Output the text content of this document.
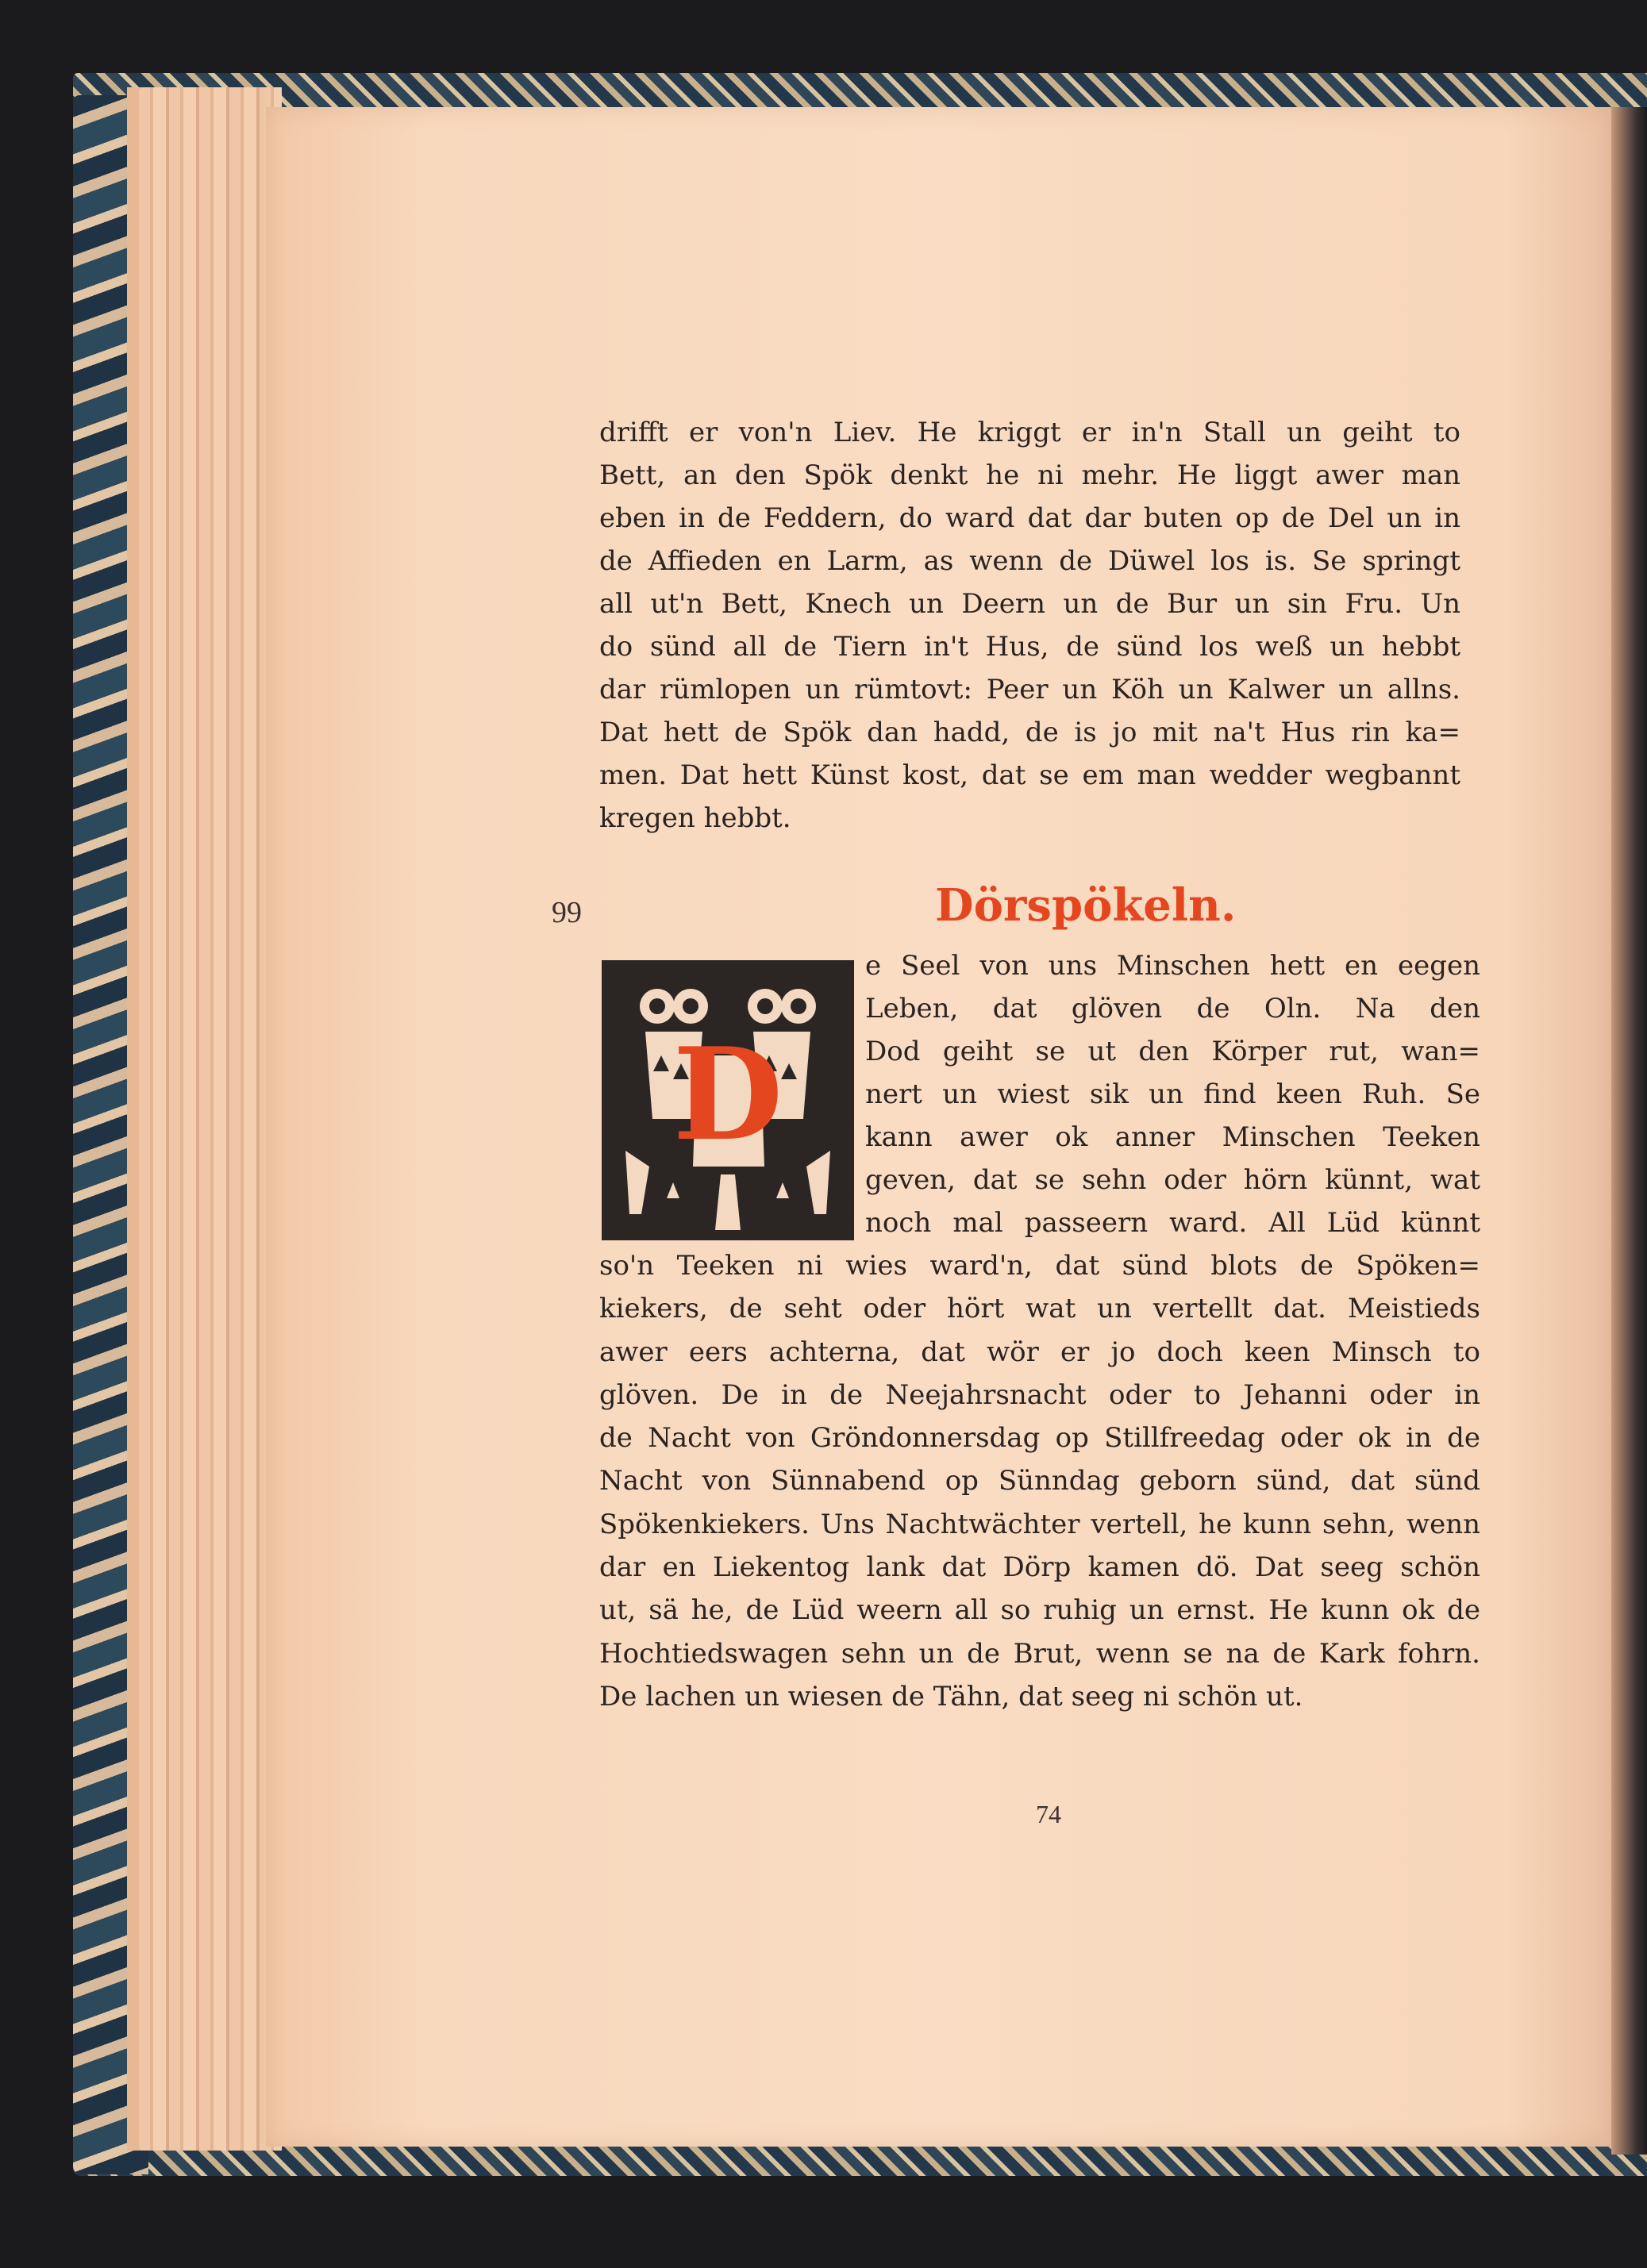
drifft er von'n Liev. He kriggt er in'n Stall un geiht to
Bett, an den Spök denkt he ni mehr. He liggt awer man
eben in de Feddern, do ward dat dar buten op de Del un in
de Affieden en Larm, as wenn de Düwel los is. Se springt
all ut'n Bett, Knech un Deern un de Bur un sin Fru. Un
do sünd all de Tiern in't Hus, de sünd los weß un hebbt
dar rümlopen un rümtovt: Peer un Köh un Kalwer un allns.
Dat hett de Spök dan hadd, de is jo mit na't Hus rin ka=
men. Dat hett Künst kost, dat se em man wedder wegbannt
kregen hebbt.
99	Dörspökeln.
D
e Seel von uns Minschen hett en eegen
Leben, dat glöven de Oln. Na den
Dod geiht se ut den Körper rut, wan=
nert un wiest sik un find keen Ruh. Se
kann awer ok anner Minschen Teeken
geven, dat se sehn oder hörn künnt, wat
noch mal passeern ward. All Lüd künnt
so'n Teeken ni wies ward'n, dat sünd blots de Spöken=
kiekers, de seht oder hört wat un vertellt dat. Meistieds
awer eers achterna, dat wör er jo doch keen Minsch to
glöven. De in de Neejahrsnacht oder to Jehanni oder in
de Nacht von Gröndonnersdag op Stillfreedag oder ok in de
Nacht von Sünnabend op Sünndag geborn sünd, dat sünd
Spökenkiekers. Uns Nachtwächter vertell, he kunn sehn, wenn
dar en Liekentog lank dat Dörp kamen dö. Dat seeg schön
ut, sä he, de Lüd weern all so ruhig un ernst. He kunn ok de
Hochtiedswagen sehn un de Brut, wenn se na de Kark fohrn.
De lachen un wiesen de Tähn, dat seeg ni schön ut.
74
